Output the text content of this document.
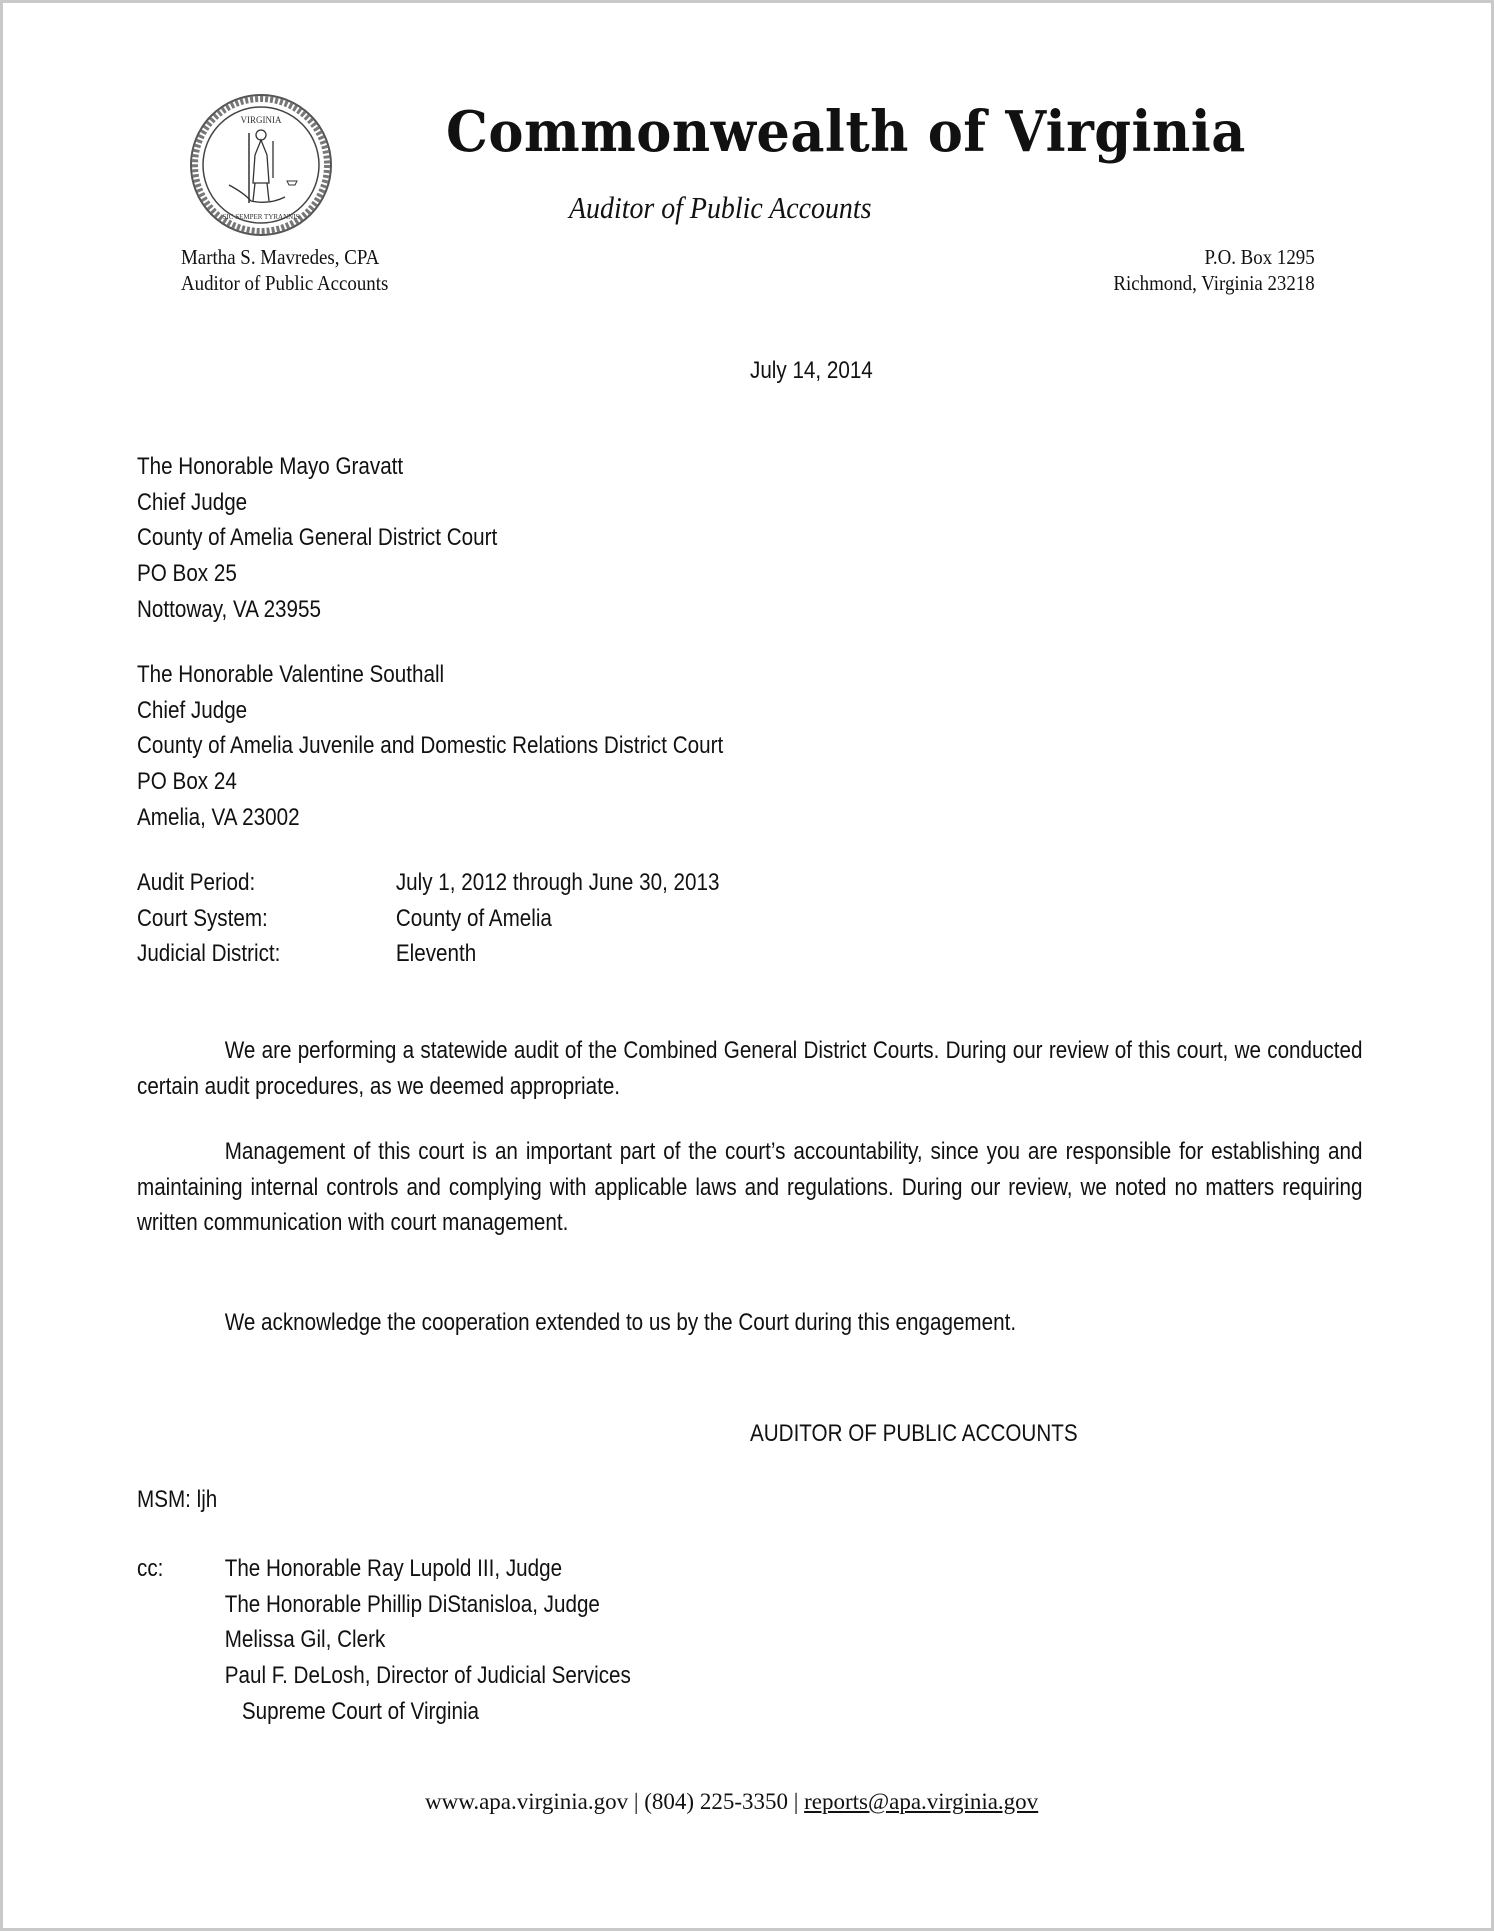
VIRGINIA
SIC SEMPER TYRANNIS
Commonwealth of Virginia
Auditor of Public Accounts
Martha S. Mavredes, CPA
Auditor of Public Accounts
P.O. Box 1295
Richmond, Virginia 23218
July 14, 2014
The Honorable Mayo Gravatt
Chief Judge
County of Amelia General District Court
PO Box 25
Nottoway, VA 23955
The Honorable Valentine Southall
Chief Judge
County of Amelia Juvenile and Domestic Relations District Court
PO Box 24
Amelia, VA 23002
Audit Period:	July 1, 2012 through June 30, 2013
Court System:	County of Amelia
Judicial District:	Eleventh
We are performing a statewide audit of the Combined General District Courts. During our review of this court, we conducted certain audit procedures, as we deemed appropriate.
Management of this court is an important part of the court’s accountability, since you are responsible for establishing and maintaining internal controls and complying with applicable laws and regulations. During our review, we noted no matters requiring written communication with court management.
We acknowledge the cooperation extended to us by the Court during this engagement.
AUDITOR OF PUBLIC ACCOUNTS
MSM: ljh
cc:	The Honorable Ray Lupold III, Judge
The Honorable Phillip DiStanisloa, Judge
Melissa Gil, Clerk
Paul F. DeLosh, Director of Judicial Services
Supreme Court of Virginia
www.apa.virginia.gov | (804) 225-3350 | reports@apa.virginia.gov
